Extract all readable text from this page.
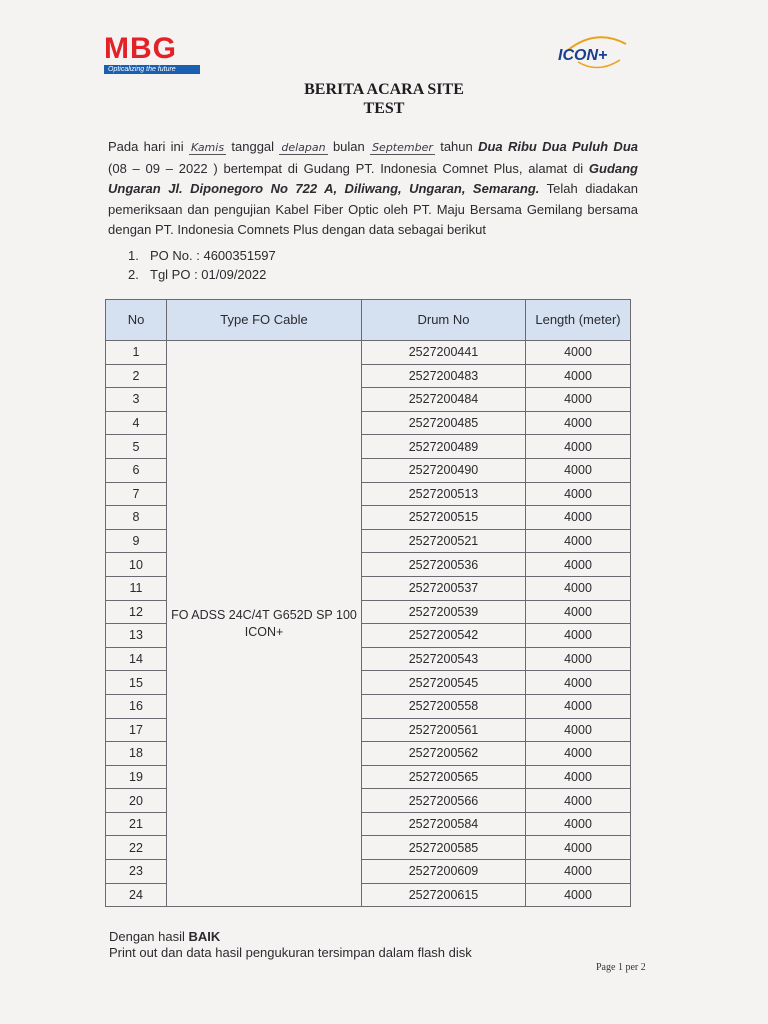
MBG
Opticalizing the future
ICON+
BERITA ACARA SITE
TEST
Pada hari ini Kamis tanggal delapan bulan September tahun Dua Ribu Dua Puluh Dua (08 – 09 – 2022 ) bertempat di Gudang PT. Indonesia Comnet Plus, alamat di Gudang Ungaran Jl. Diponegoro No 722 A, Diliwang, Ungaran, Semarang. Telah diadakan pemeriksaan dan pengujian Kabel Fiber Optic oleh PT. Maju Bersama Gemilang bersama dengan PT. Indonesia Comnets Plus dengan data sebagai berikut
1. PO No. : 4600351597
2. Tgl PO : 01/09/2022
No	Type FO Cable	Drum No	Length (meter)
1	FO ADSS 24C/4T G652D SP 100 ICON+	2527200441	4000
2		2527200483	4000
3		2527200484	4000
4		2527200485	4000
5		2527200489	4000
6		2527200490	4000
7		2527200513	4000
8		2527200515	4000
9		2527200521	4000
10		2527200536	4000
11		2527200537	4000
12		2527200539	4000
13		2527200542	4000
14		2527200543	4000
15		2527200545	4000
16		2527200558	4000
17		2527200561	4000
18		2527200562	4000
19		2527200565	4000
20		2527200566	4000
21		2527200584	4000
22		2527200585	4000
23		2527200609	4000
24		2527200615	4000
Dengan hasil BAIK
Print out dan data hasil pengukuran tersimpan dalam flash disk
Page 1 per 2
